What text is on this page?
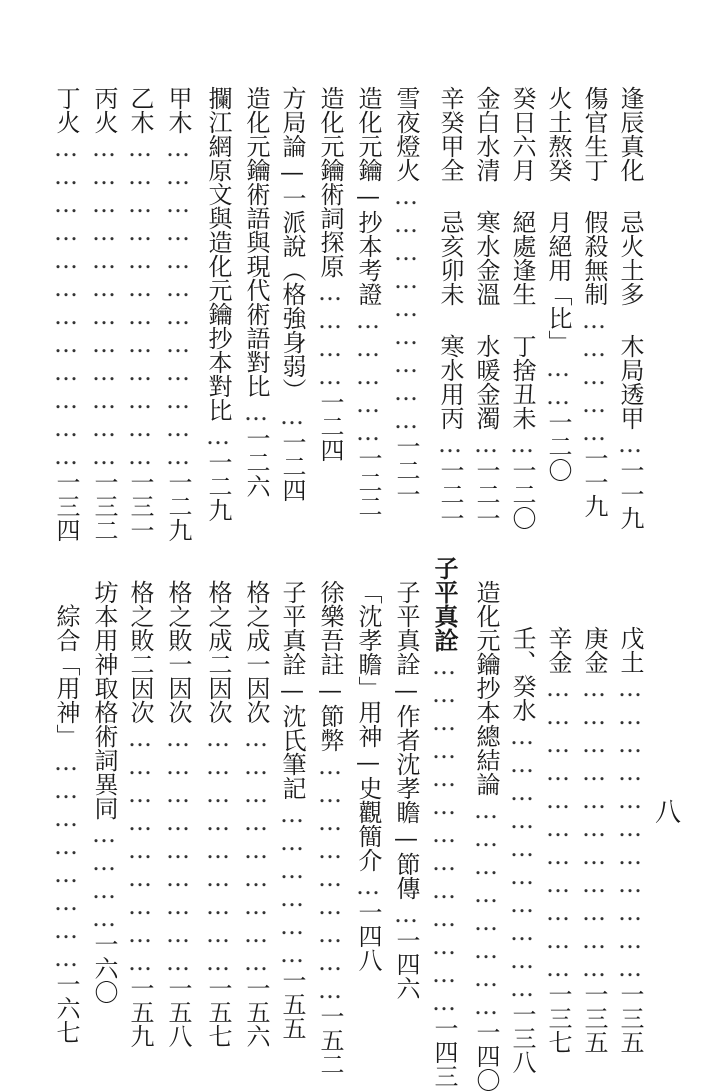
逢辰真化 忌火土多 木局透甲…一一九
傷官生丁 假殺無制……………一一九
火土熬癸 月絕用「比」……一二〇
癸日六月 絕處逢生 丁捨丑未…一二〇
金白水清 寒水金溫 水暖金濁…一二一
辛癸甲全 忌亥卯未 寒水用丙…一二一
雪夜燈火………………………一二一
造化元鑰—抄本考證……………一二二
造化元鑰術詞探原…………一二四
方局論—一派說（格強身弱）…一二四
造化元鑰術語與現代術語對比…一二六
攔江網原文與造化元鑰抄本對比…一二九
甲木………………………………一二九
乙木………………………………一三一
丙火………………………………一三二
丁火………………………………一三四
戊土……………………………一三五
庚金……………………………一三五
辛金……………………………一三七
壬、癸水…………………………一三八
造化元鑰抄本總結論……………………一四〇
子平真詮…………………………………一四三
子平真詮—作者沈孝瞻—節傳…一四六
「沈孝瞻」用神—史觀簡介…一四八
徐樂吾註—節弊………………………一五二
子平真詮—沈氏筆記………………一五五
格之成一因次………………………一五六
格之成二因次………………………一五七
格之敗一因次………………………一五八
格之敗二因次………………………一五九
坊本用神取格術詞異同…………一六〇
綜合「用神」……………………一六七
八
